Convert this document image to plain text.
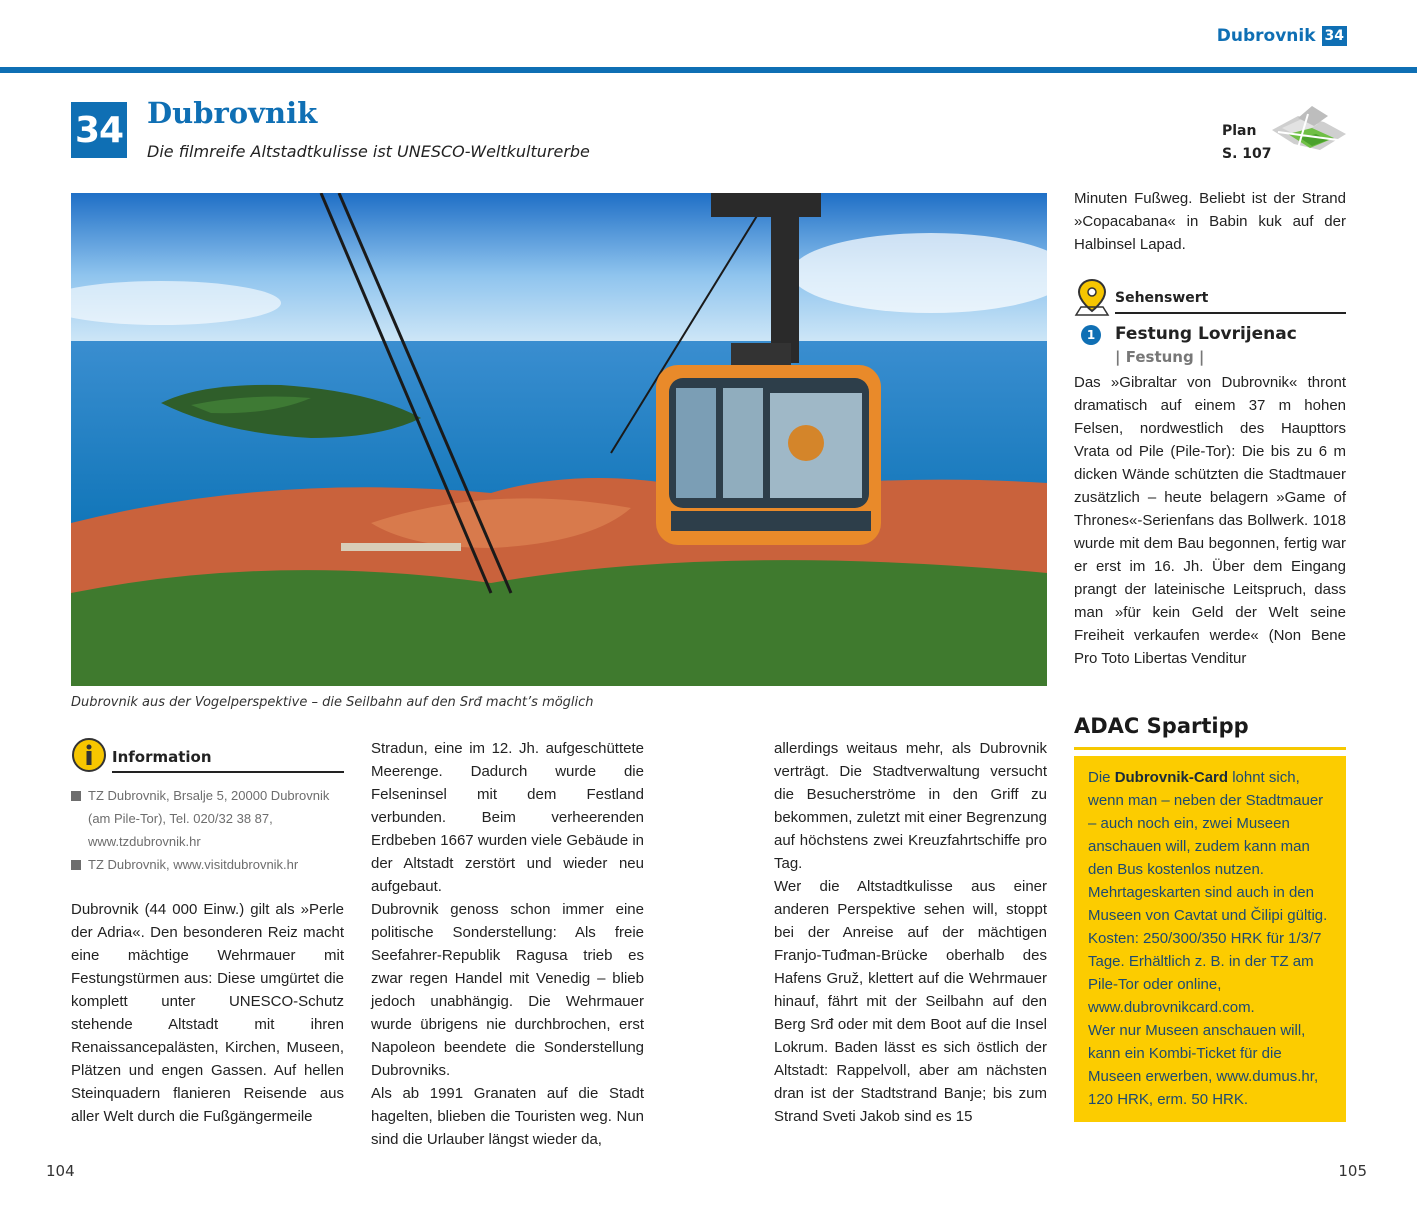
Dubrovnik 34
34 Dubrovnik
Die filmreife Altstadtkulisse ist UNESCO-Weltkulturerbe
Plan
S. 107
Dubrovnik aus der Vogelperspektive – die Seilbahn auf den Srđ macht’s möglich
Information
TZ Dubrovnik, Brsalje 5, 20000 Dubrovnik (am Pile-Tor), Tel. 020/32 38 87, www.tzdubrovnik.hr
TZ Dubrovnik, www.visitdubrovnik.hr

Dubrovnik (44 000 Einw.) gilt als »Perle der Adria«. Den besonderen Reiz macht eine mächtige Wehrmauer mit Festungstürmen aus: Diese umgürtet die komplett unter UNESCO-Schutz stehende Altstadt mit ihren Renaissancepalästen, Kirchen, Museen, Plätzen und engen Gassen. Auf hellen Steinquadern flanieren Reisende aus aller Welt durch die Fußgängermeile

Stradun, eine im 12. Jh. aufgeschüttete Meerenge. Dadurch wurde die Felseninsel mit dem Festland verbunden. Beim verheerenden Erdbeben 1667 wurden viele Gebäude in der Altstadt zerstört und wieder neu aufgebaut.

Dubrovnik genoss schon immer eine politische Sonderstellung: Als freie Seefahrer-Republik Ragusa trieb es zwar regen Handel mit Venedig – blieb jedoch unabhängig. Die Wehrmauer wurde übrigens nie durchbrochen, erst Napoleon beendete die Sonderstellung Dubrovniks.

Als ab 1991 Granaten auf die Stadt hagelten, blieben die Touristen weg. Nun sind die Urlauber längst wieder da,

allerdings weitaus mehr, als Dubrovnik verträgt. Die Stadtverwaltung versucht die Besucherströme in den Griff zu bekommen, zuletzt mit einer Begrenzung auf höchstens zwei Kreuzfahrtschiffe pro Tag.

Wer die Altstadtkulisse aus einer anderen Perspektive sehen will, stoppt bei der Anreise auf der mächtigen Franjo-Tuđman-Brücke oberhalb des Hafens Gruž, klettert auf die Wehrmauer hinauf, fährt mit der Seilbahn auf den Berg Srđ oder mit dem Boot auf die Insel Lokrum. Baden lässt es sich östlich der Altstadt: Rappelvoll, aber am nächsten dran ist der Stadtstrand Banje; bis zum Strand Sveti Jakob sind es 15

Minuten Fußweg. Beliebt ist der Strand »Copacabana« in Babin kuk auf der Halbinsel Lapad.

Sehenswert
1	Festung Lovrijenac
| Festung |

Das »Gibraltar von Dubrovnik« thront dramatisch auf einem 37 m hohen Felsen, nordwestlich des Haupttors Vrata od Pile (Pile-Tor): Die bis zu 6 m dicken Wände schützten die Stadtmauer zusätzlich – heute belagern »Game of Thrones«-Serienfans das Bollwerk. 1018 wurde mit dem Bau begonnen, fertig war er erst im 16. Jh. Über dem Eingang prangt der lateinische Leitspruch, dass man »für kein Geld der Welt seine Freiheit verkaufen werde« (Non Bene Pro Toto Libertas Venditur

ADAC Spartipp
Die Dubrovnik-Card lohnt sich, wenn man – neben der Stadtmauer – auch noch ein, zwei Museen anschauen will, zudem kann man den Bus kostenlos nutzen. Mehrtageskarten sind auch in den Museen von Cavtat und Čilipi gültig. Kosten: 250/300/350 HRK für 1/3/7 Tage. Erhältlich z. B. in der TZ am Pile-Tor oder online, www.dubrovnikcard.com.
Wer nur Museen anschauen will, kann ein Kombi-Ticket für die Museen erwerben, www.dumus.hr, 120 HRK, erm. 50 HRK.
104	105
